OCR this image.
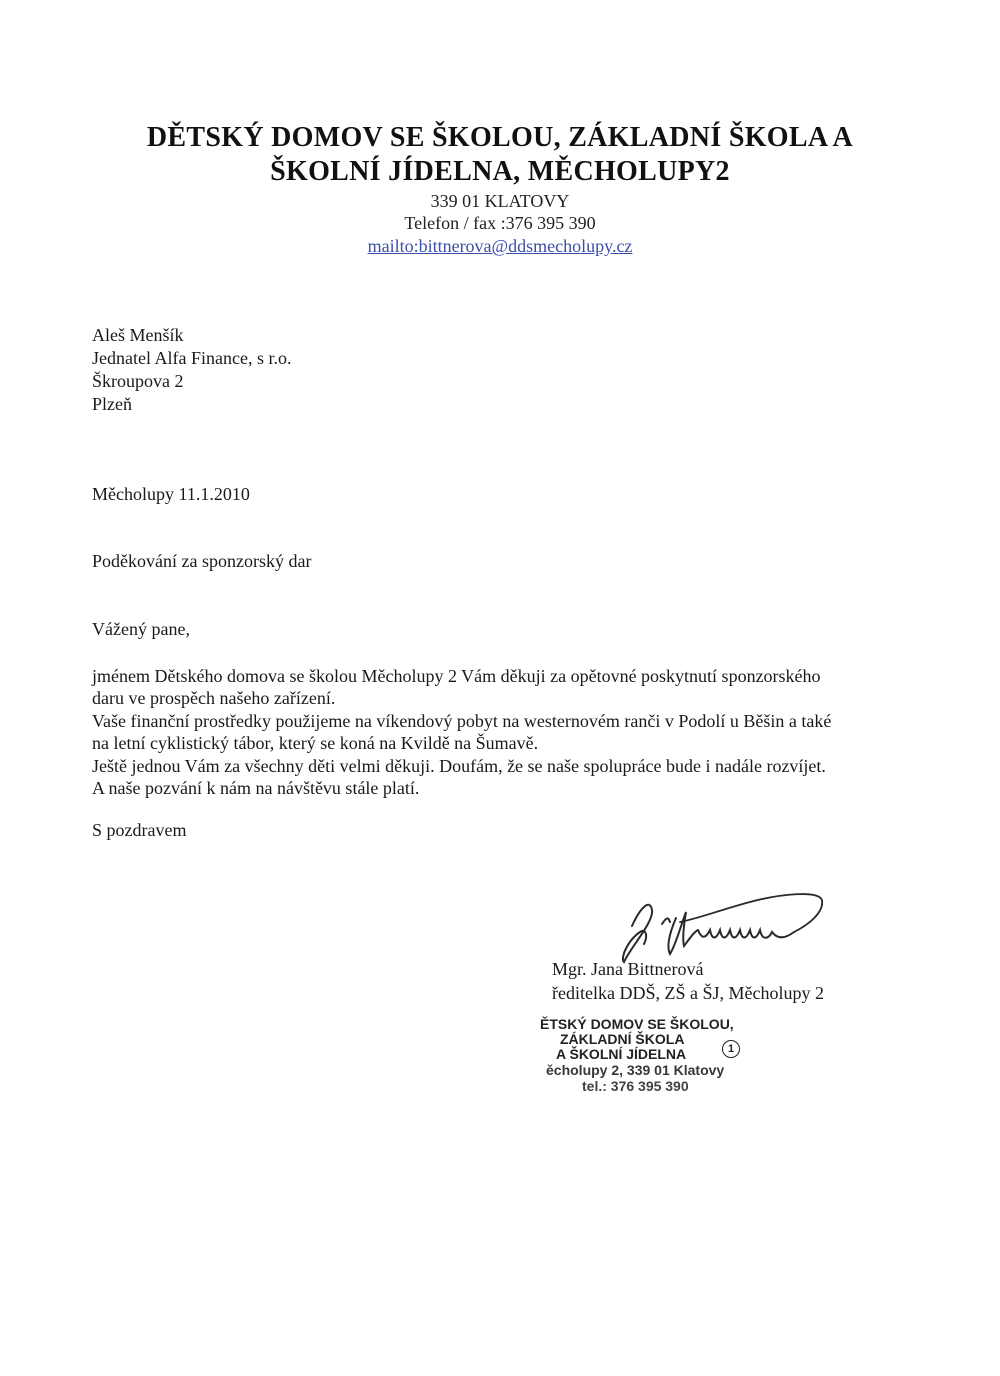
DĚTSKÝ DOMOV SE ŠKOLOU, ZÁKLADNÍ ŠKOLA A
ŠKOLNÍ JÍDELNA, MĚCHOLUPY2
339 01 KLATOVY
Telefon / fax :376 395 390
mailto:bittnerova@ddsmecholupy.cz
Aleš Menšík
Jednatel Alfa Finance, s r.o.
Škroupova 2
Plzeň
Měcholupy 11.1.2010
Poděkování za sponzorský dar
Vážený pane,
jménem Dětského domova se školou Měcholupy 2 Vám děkuji za opětovné poskytnutí sponzorského
daru ve prospěch našeho zařízení.
Vaše finanční prostředky použijeme na víkendový pobyt na westernovém ranči v Podolí u Běšin a také
na letní cyklistický tábor, který se koná na Kvildě na Šumavě.
Ještě jednou Vám za všechny děti velmi děkuji. Doufám, že se naše spolupráce bude i nadále rozvíjet.
A naše pozvání k nám na návštěvu stále platí.
S pozdravem
Mgr. Jana Bittnerová
ředitelka DDŠ, ZŠ a ŠJ, Měcholupy 2
ĚTSKÝ DOMOV SE ŠKOLOU,
ZÁKLADNÍ ŠKOLA
A ŠKOLNÍ JÍDELNA	1
ěcholupy 2, 339 01 Klatovy
tel.: 376 395 390
